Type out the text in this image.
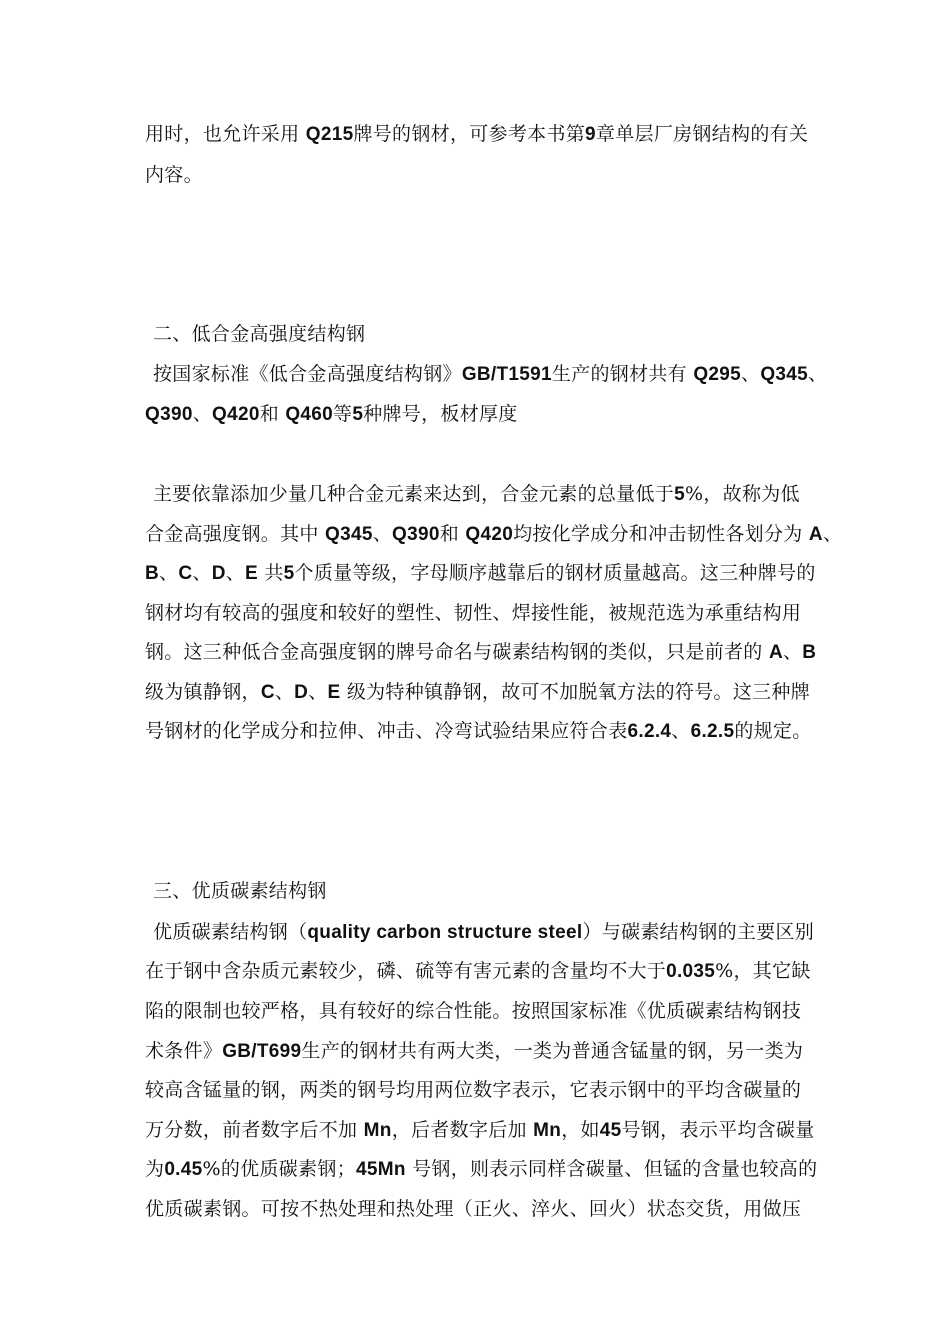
用时，也允许采用 Q215牌号的钢材，可参考本书第9章单层厂房钢结构的有关
内容。
二、低合金高强度结构钢
按国家标准《低合金高强度结构钢》GB/T1591生产的钢材共有 Q295、Q345、
Q390、Q420和 Q460等5种牌号，板材厚度
主要依靠添加少量几种合金元素来达到，合金元素的总量低于5%，故称为低
合金高强度钢。其中 Q345、Q390和 Q420均按化学成分和冲击韧性各划分为 A、
B、C、D、E 共5个质量等级，字母顺序越靠后的钢材质量越高。这三种牌号的
钢材均有较高的强度和较好的塑性、韧性、焊接性能，被规范选为承重结构用
钢。这三种低合金高强度钢的牌号命名与碳素结构钢的类似，只是前者的 A、B
级为镇静钢，C、D、E 级为特种镇静钢，故可不加脱氧方法的符号。这三种牌
号钢材的化学成分和拉伸、冲击、冷弯试验结果应符合表6.2.4、6.2.5的规定。
三、优质碳素结构钢
优质碳素结构钢（quality carbon structure steel）与碳素结构钢的主要区别
在于钢中含杂质元素较少，磷、硫等有害元素的含量均不大于0.035%，其它缺
陷的限制也较严格，具有较好的综合性能。按照国家标准《优质碳素结构钢技
术条件》GB/T699生产的钢材共有两大类，一类为普通含锰量的钢，另一类为
较高含锰量的钢，两类的钢号均用两位数字表示，它表示钢中的平均含碳量的
万分数，前者数字后不加 Mn，后者数字后加 Mn，如45号钢，表示平均含碳量
为0.45%的优质碳素钢；45Mn 号钢，则表示同样含碳量、但锰的含量也较高的
优质碳素钢。可按不热处理和热处理（正火、淬火、回火）状态交货，用做压
